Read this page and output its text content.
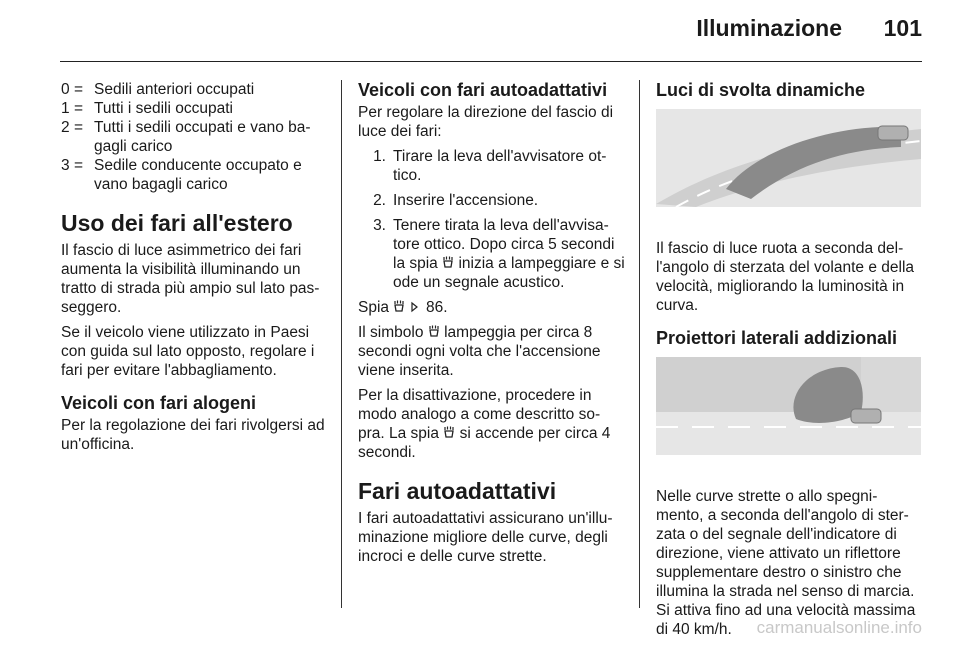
Illuminazione 101
0 = Sedili anteriori occupati
1 = Tutti i sedili occupati
2 = Tutti i sedili occupati e vano ba- gagli carico
3 = Sedile conducente occupato e vano bagagli carico
Uso dei fari all'estero

Il fascio di luce asimmetrico dei fari aumenta la visibilità illuminando un tratto di strada più ampio sul lato pas- seggero.

Se il veicolo viene utilizzato in Paesi con guida sul lato opposto, regolare i fari per evitare l'abbagliamento.

Veicoli con fari alogeni

Per la regolazione dei fari rivolgersi ad un'officina.

Veicoli con fari autoadattativi

Per regolare la direzione del fascio di luce dei fari:

1. Tirare la leva dell'avvisatore ot- tico.
2. Inserire l'accensione.
3. Tenere tirata la leva dell'avvisa- tore ottico. Dopo circa 5 secondi la spia inizia a lampeggiare e si ode un segnale acustico.

Spia 86.

Il simbolo lampeggia per circa 8 secondi ogni volta che l'accensione viene inserita.

Per la disattivazione, procedere in modo analogo a come descritto so- pra. La spia si accende per circa 4 secondi.

Fari autoadattativi

I fari autoadattativi assicurano un'illu- minazione migliore delle curve, degli incroci e delle curve strette.

Luci di svolta dinamiche

Il fascio di luce ruota a seconda del- l'angolo di sterzata del volante e della velocità, migliorando la luminosità in curva.

Proiettori laterali addizionali

Nelle curve strette o allo spegni- mento, a seconda dell'angolo di ster- zata o del segnale dell'indicatore di direzione, viene attivato un riflettore supplementare destro o sinistro che illumina la strada nel senso di marcia. Si attiva fino ad una velocità massima di 40 km/h.	carmanualsonline.info
